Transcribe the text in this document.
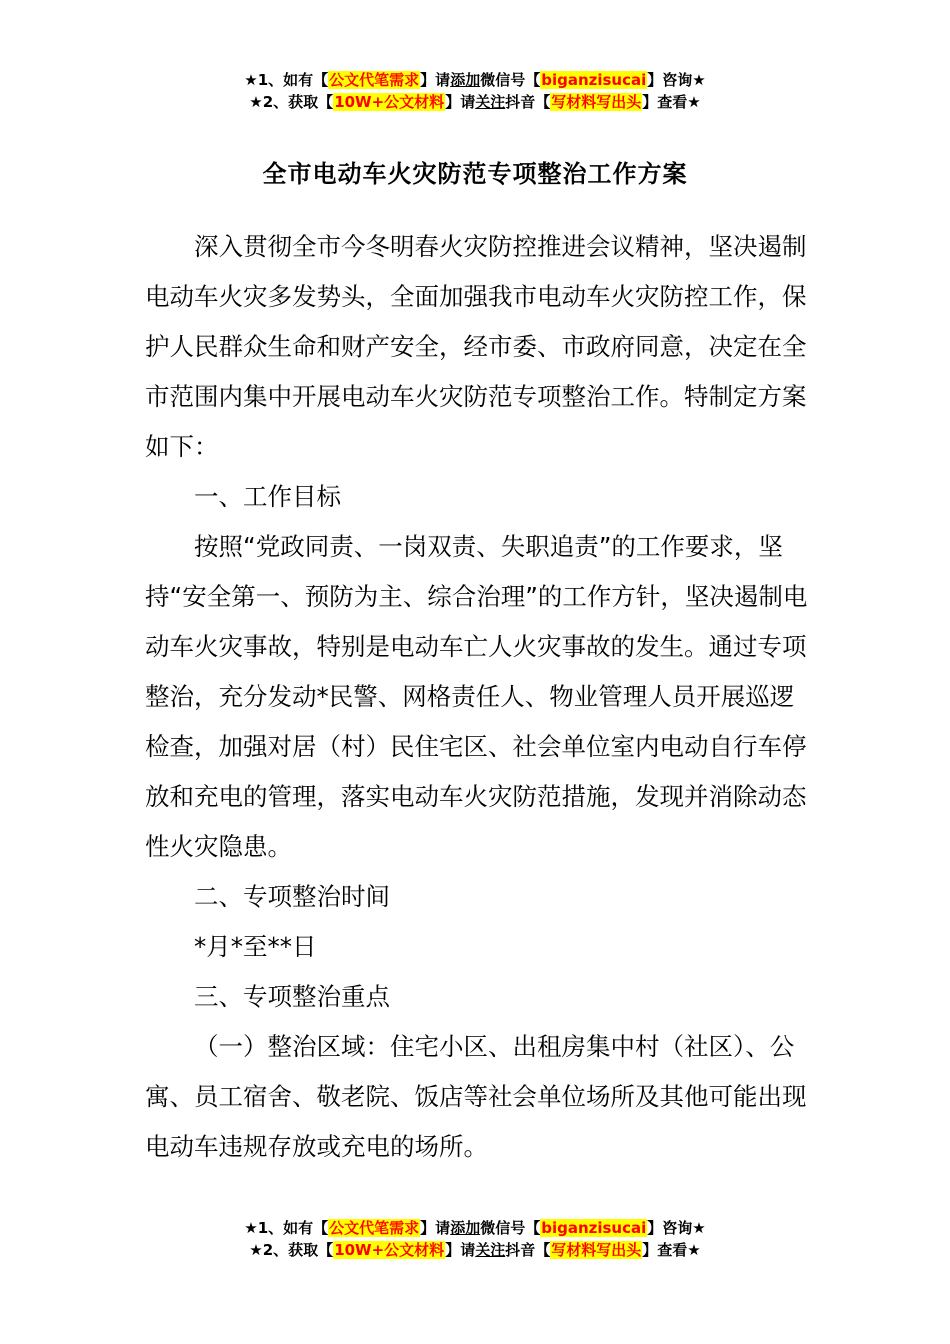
★1、如有【公文代笔需求】请添加微信号【biganzisucai】咨询★
★2、获取【10W+公文材料】请关注抖音【写材料写出头】查看★
全市电动车火灾防范专项整治工作方案

深入贯彻全市今冬明春火灾防控推进会议精神，坚决遏制电动车火灾多发势头，全面加强我市电动车火灾防控工作，保护人民群众生命和财产安全，经市委、市政府同意，决定在全市范围内集中开展电动车火灾防范专项整治工作。特制定方案如下：

一、工作目标

按照“党政同责、一岗双责、失职追责”的工作要求，坚持“安全第一、预防为主、综合治理”的工作方针，坚决遏制电动车火灾事故，特别是电动车亡人火灾事故的发生。通过专项整治，充分发动*民警、网格责任人、物业管理人员开展巡逻检查，加强对居（村）民住宅区、社会单位室内电动自行车停放和充电的管理，落实电动车火灾防范措施，发现并消除动态性火灾隐患。

二、专项整治时间

*月*至**日

三、专项整治重点

（一）整治区域：住宅小区、出租房集中村（社区）、公寓、员工宿舍、敬老院、饭店等社会单位场所及其他可能出现电动车违规存放或充电的场所。

★1、如有【公文代笔需求】请添加微信号【biganzisucai】咨询★
★2、获取【10W+公文材料】请关注抖音【写材料写出头】查看★
